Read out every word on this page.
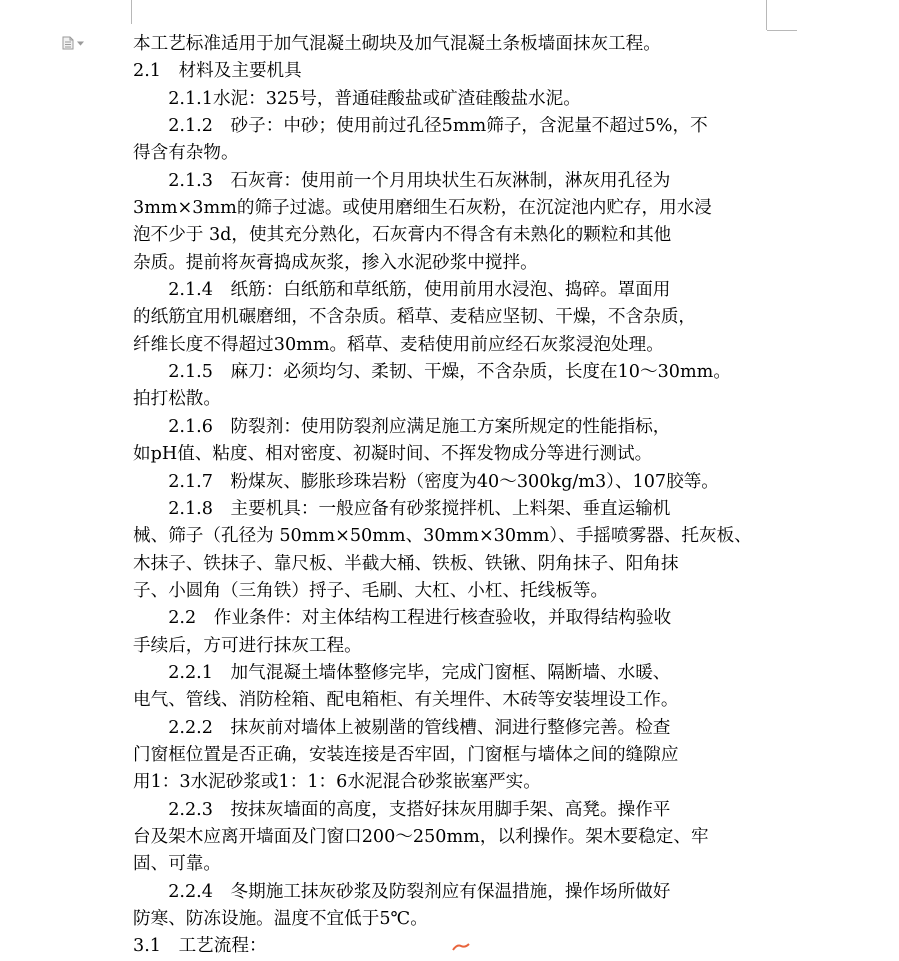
本工艺标准适用于加气混凝土砌块及加气混凝土条板墙面抹灰工程。
2.1　材料及主要机具
　　2.1.1水泥：325号，普通硅酸盐或矿渣硅酸盐水泥。
　　2.1.2　砂子：中砂；使用前过孔径5mm筛子，含泥量不超过5%，不
得含有杂物。
　　2.1.3　石灰膏：使用前一个月用块状生石灰淋制，淋灰用孔径为
3mm×3mm的筛子过滤。或使用磨细生石灰粉，在沉淀池内贮存，用水浸
泡不少于 3d，使其充分熟化，石灰膏内不得含有未熟化的颗粒和其他
杂质。提前将灰膏捣成灰浆，掺入水泥砂浆中搅拌。
　　2.1.4　纸筋：白纸筋和草纸筋，使用前用水浸泡、捣碎。罩面用
的纸筋宜用机碾磨细，不含杂质。稻草、麦秸应坚韧、干燥，不含杂质，
纤维长度不得超过30mm。稻草、麦秸使用前应经石灰浆浸泡处理。
　　2.1.5　麻刀：必须均匀、柔韧、干燥，不含杂质，长度在10～30mm。
拍打松散。
　　2.1.6　防裂剂：使用防裂剂应满足施工方案所规定的性能指标，
如pH值、粘度、相对密度、初凝时间、不挥发物成分等进行测试。
　　2.1.7　粉煤灰、膨胀珍珠岩粉（密度为40～300kg/m3）、107胶等。
　　2.1.8　主要机具：一般应备有砂浆搅拌机、上料架、垂直运输机
械、筛子（孔径为 50mm×50mm、30mm×30mm）、手摇喷雾器、托灰板、
木抹子、铁抹子、靠尺板、半截大桶、铁板、铁锹、阴角抹子、阳角抹
子、小圆角（三角铁）捋子、毛刷、大杠、小杠、托线板等。
　　2.2　作业条件：对主体结构工程进行核查验收，并取得结构验收
手续后，方可进行抹灰工程。
　　2.2.1　加气混凝土墙体整修完毕，完成门窗框、隔断墙、水暖、
电气、管线、消防栓箱、配电箱柜、有关埋件、木砖等安装埋设工作。
　　2.2.2　抹灰前对墙体上被剔凿的管线槽、洞进行整修完善。检查
门窗框位置是否正确，安装连接是否牢固，门窗框与墙体之间的缝隙应
用1：3水泥砂浆或1：1：6水泥混合砂浆嵌塞严实。
　　2.2.3　按抹灰墙面的高度，支搭好抹灰用脚手架、高凳。操作平
台及架木应离开墙面及门窗口200～250mm，以利操作。架木要稳定、牢
固、可靠。
　　2.2.4　冬期施工抹灰砂浆及防裂剂应有保温措施，操作场所做好
防寒、防冻设施。温度不宜低于5℃。
3.1　工艺流程：
